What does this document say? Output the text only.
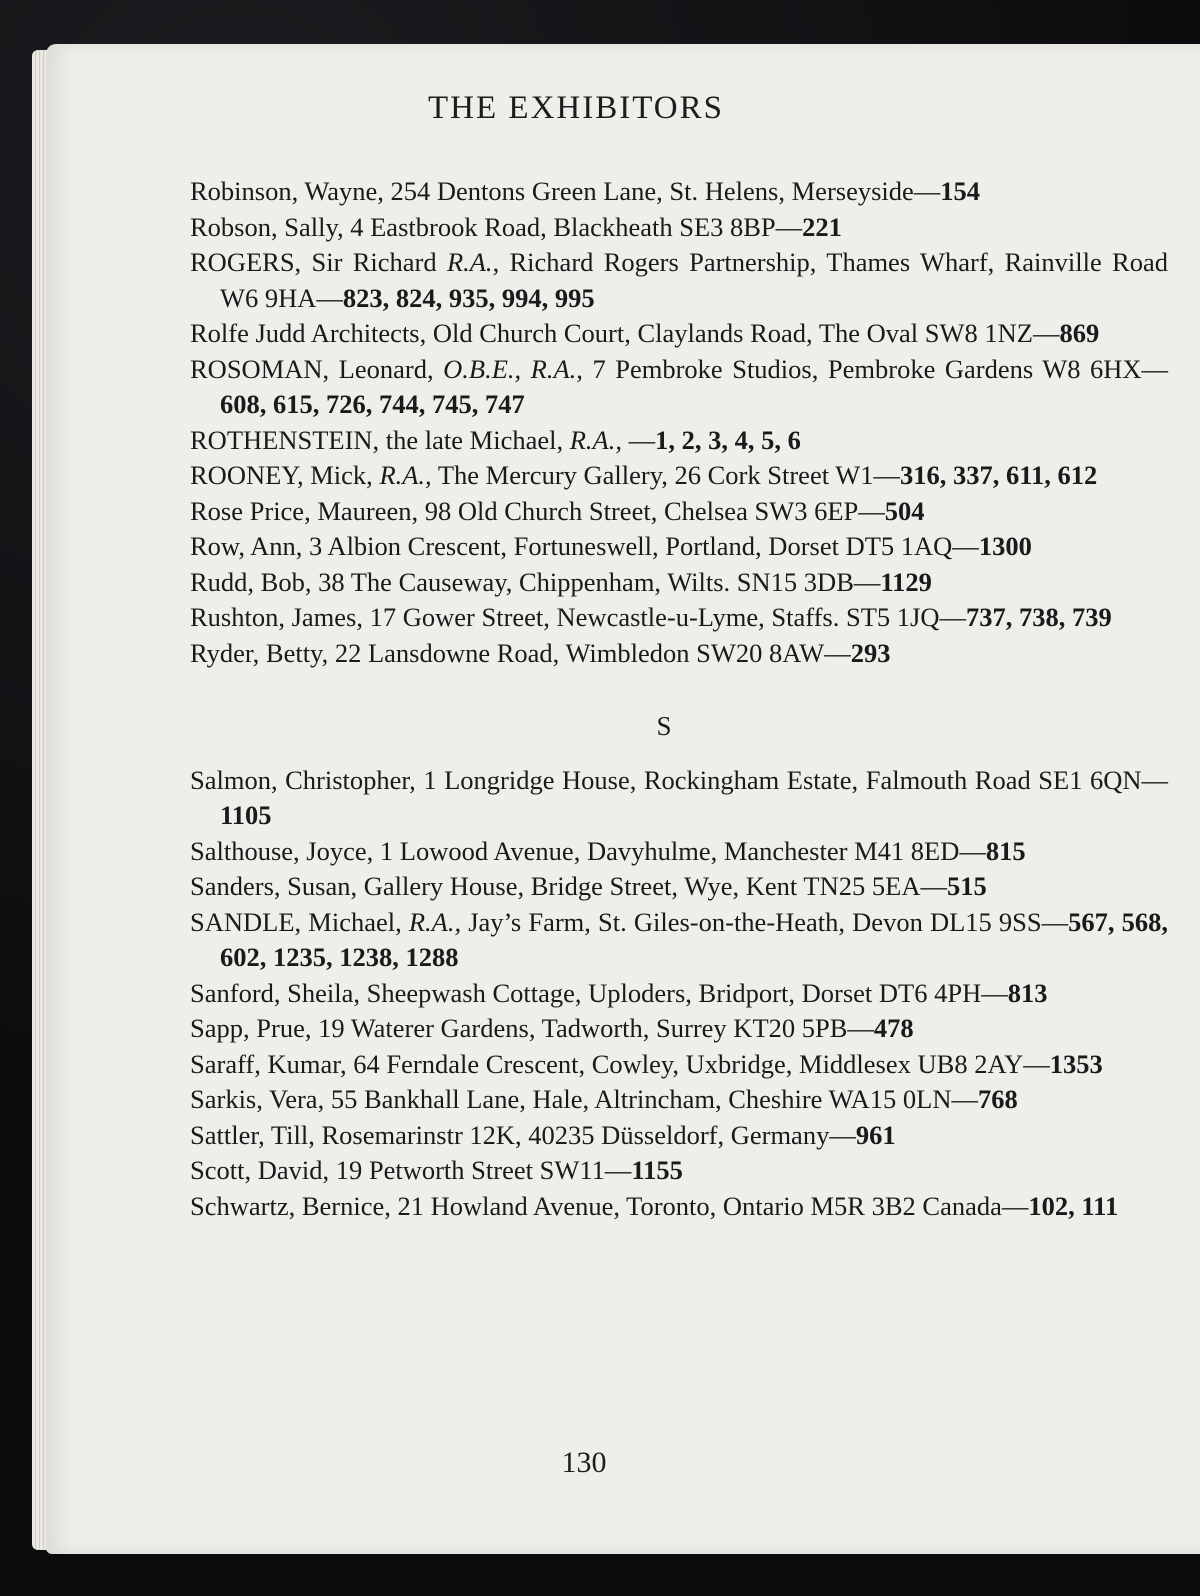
THE EXHIBITORS

Robinson, Wayne, 254 Dentons Green Lane, St. Helens, Merseyside—154

Robson, Sally, 4 Eastbrook Road, Blackheath SE3 8BP—221

ROGERS, Sir Richard R.A., Richard Rogers Partnership, Thames Wharf, Rainville Road W6 9HA—823, 824, 935, 994, 995

Rolfe Judd Architects, Old Church Court, Claylands Road, The Oval SW8 1NZ—869

ROSOMAN, Leonard, O.B.E., R.A., 7 Pembroke Studios, Pembroke Gardens W8 6HX—608, 615, 726, 744, 745, 747

ROTHENSTEIN, the late Michael, R.A., —1, 2, 3, 4, 5, 6

ROONEY, Mick, R.A., The Mercury Gallery, 26 Cork Street W1—316, 337, 611, 612

Rose Price, Maureen, 98 Old Church Street, Chelsea SW3 6EP—504

Row, Ann, 3 Albion Crescent, Fortuneswell, Portland, Dorset DT5 1AQ—1300

Rudd, Bob, 38 The Causeway, Chippenham, Wilts. SN15 3DB—1129

Rushton, James, 17 Gower Street, Newcastle-u-Lyme, Staffs. ST5 1JQ—737, 738, 739

Ryder, Betty, 22 Lansdowne Road, Wimbledon SW20 8AW—293

S

Salmon, Christopher, 1 Longridge House, Rockingham Estate, Falmouth Road SE1 6QN—1105

Salthouse, Joyce, 1 Lowood Avenue, Davyhulme, Manchester M41 8ED—815

Sanders, Susan, Gallery House, Bridge Street, Wye, Kent TN25 5EA—515

SANDLE, Michael, R.A., Jay’s Farm, St. Giles-on-the-Heath, Devon DL15 9SS—567, 568, 602, 1235, 1238, 1288

Sanford, Sheila, Sheepwash Cottage, Uploders, Bridport, Dorset DT6 4PH—813

Sapp, Prue, 19 Waterer Gardens, Tadworth, Surrey KT20 5PB—478

Saraff, Kumar, 64 Ferndale Crescent, Cowley, Uxbridge, Middlesex UB8 2AY—1353

Sarkis, Vera, 55 Bankhall Lane, Hale, Altrincham, Cheshire WA15 0LN—768

Sattler, Till, Rosemarinstr 12K, 40235 Düsseldorf, Germany—961

Scott, David, 19 Petworth Street SW11—1155

Schwartz, Bernice, 21 Howland Avenue, Toronto, Ontario M5R 3B2 Canada—102, 111

130
